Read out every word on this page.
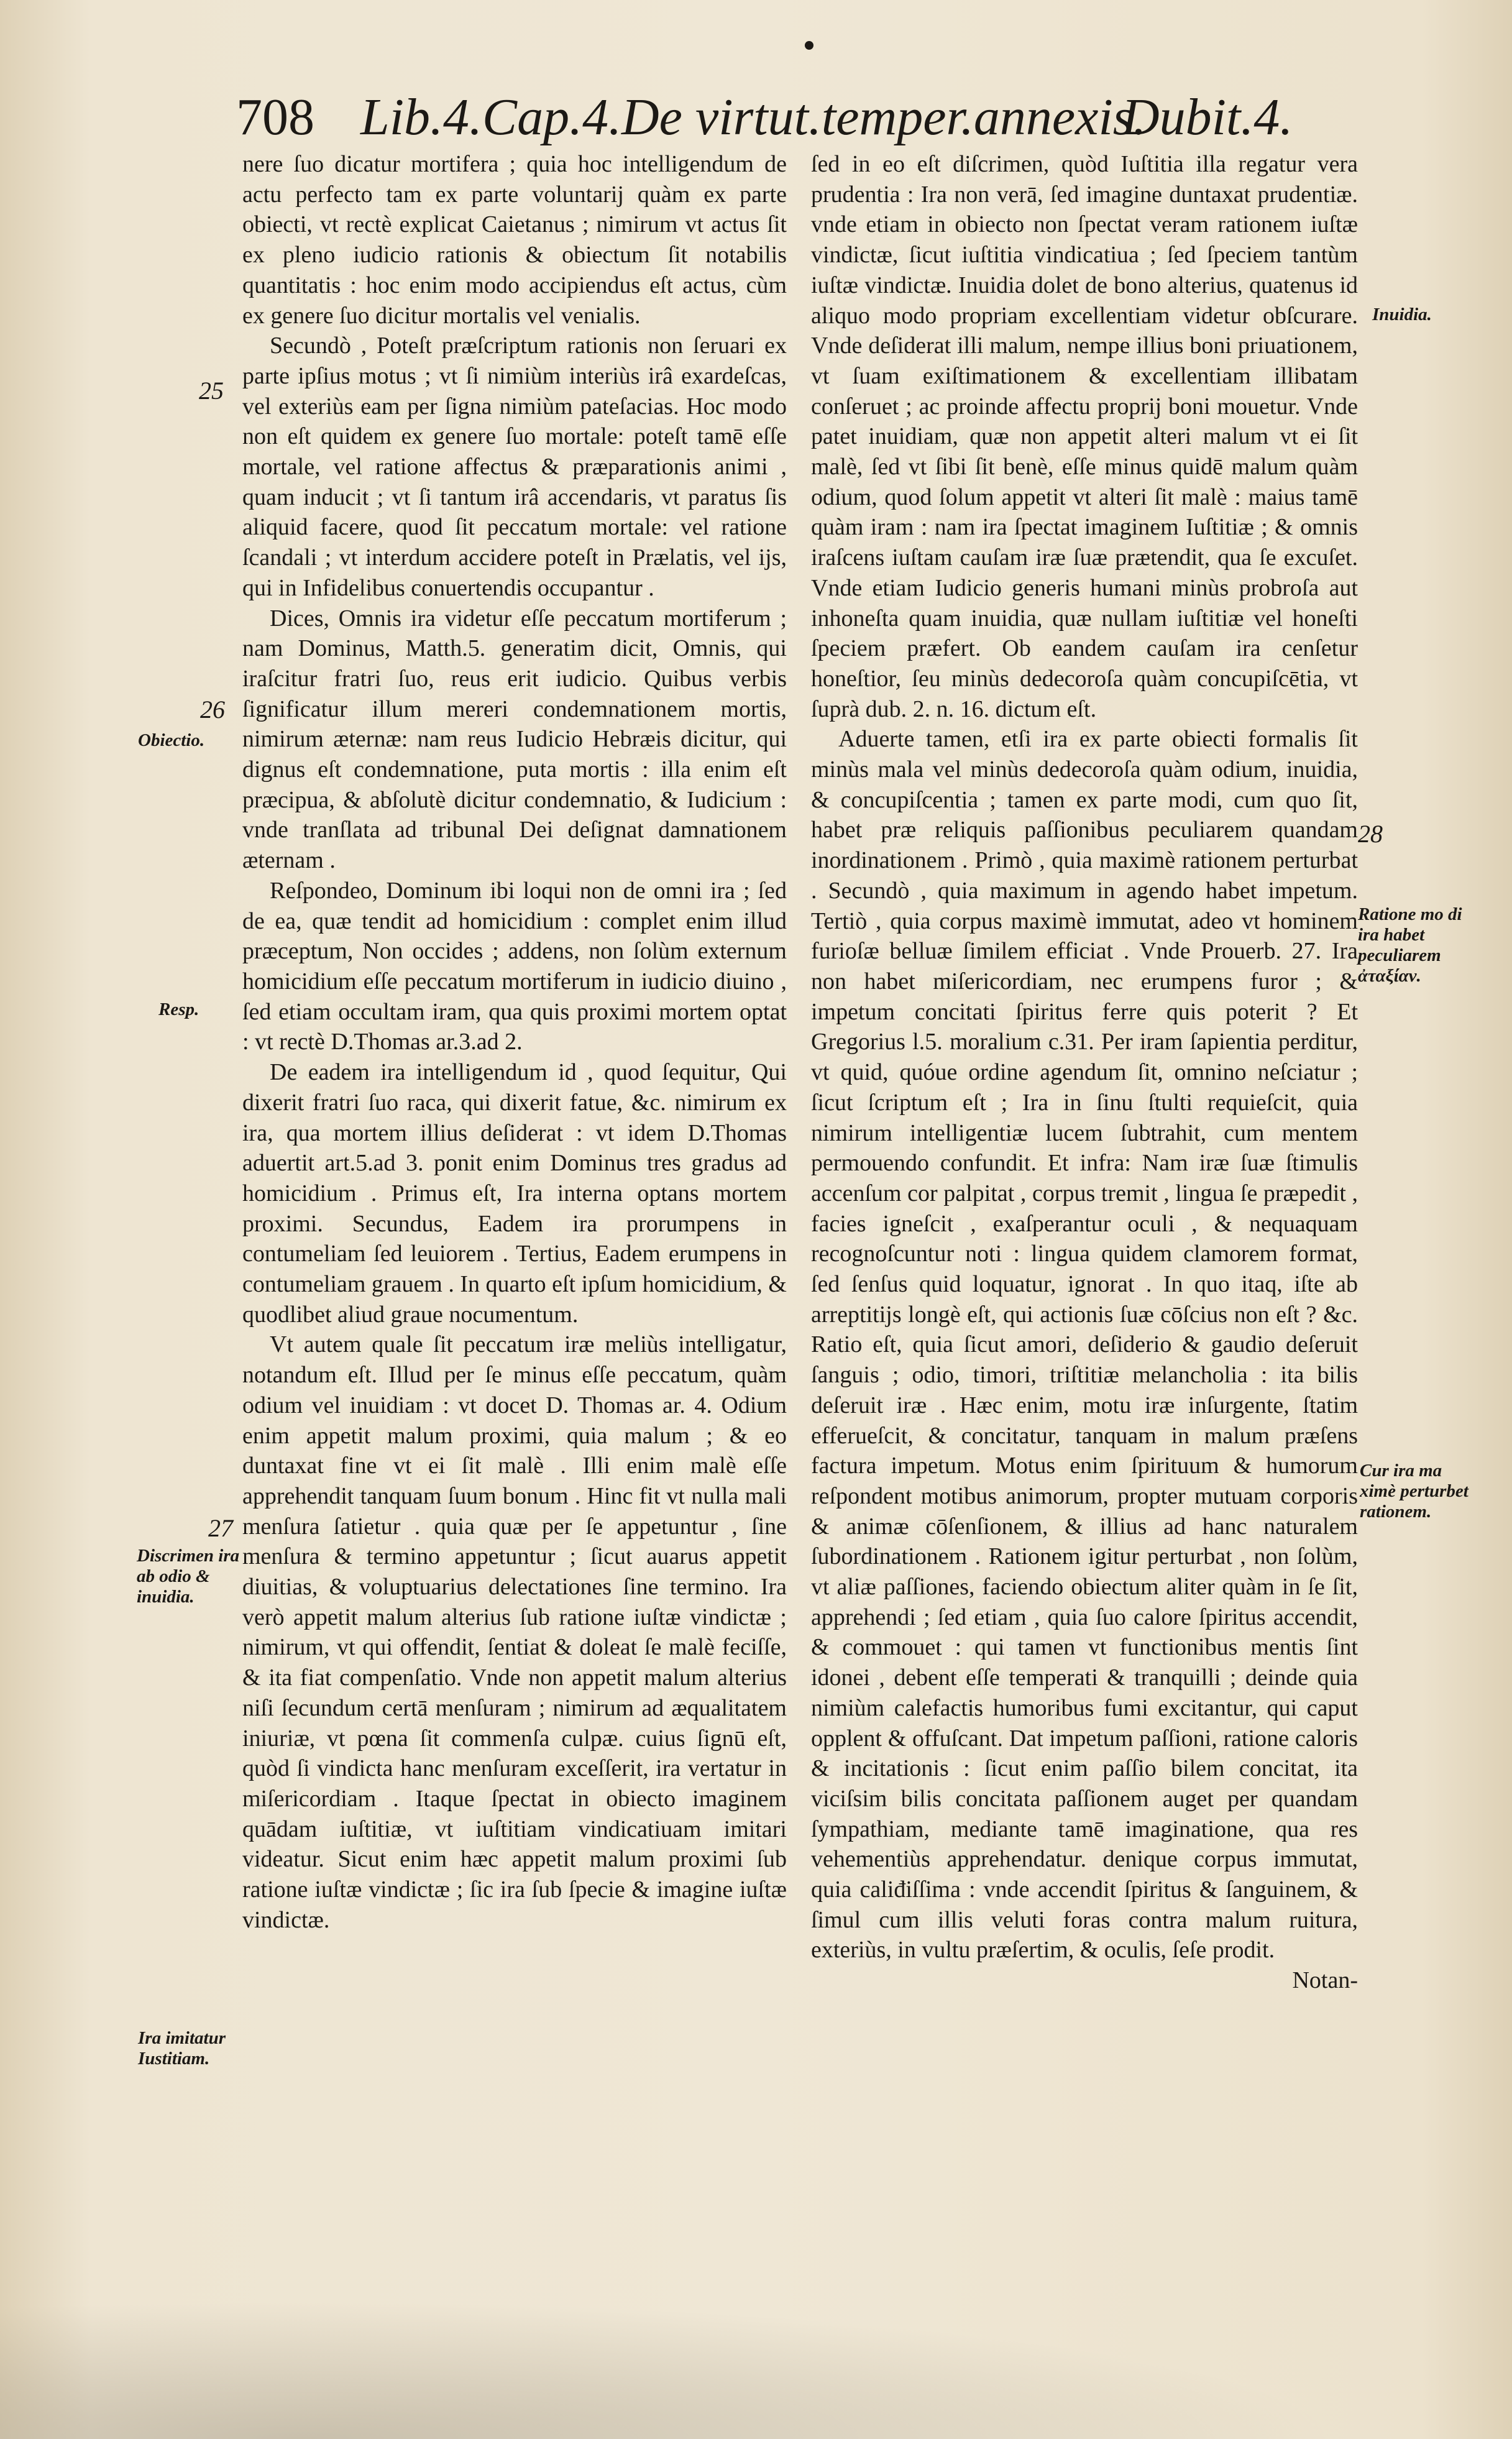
708 Lib.4.Cap.4. De virtut.temper.annexis.
Dubit.4.

nere ſuo dicatur mortifera ; quia hoc intelligendum de actu perfecto tam ex parte voluntarij quàm ex parte obiecti, vt rectè explicat Caietanus ; nimirum vt actus ſit ex pleno iudicio rationis & obiectum ſit notabilis quantitatis : hoc enim modo accipiendus eſt actus, cùm ex genere ſuo dicitur mortalis vel venialis.

Secundò , Poteſt præſcriptum rationis non ſeruari ex parte ipſius motus ; vt ſi nimiùm interiùs irâ exardeſcas, vel exteriùs eam per ſigna nimiùm pateſacias. Hoc modo non eſt quidem ex genere ſuo mortale: poteſt tamē eſſe mortale, vel ratione affectus & præparationis animi , quam inducit ; vt ſi tantum irâ accendaris, vt paratus ſis aliquid facere, quod ſit peccatum mortale: vel ratione ſcandali ; vt interdum accidere poteſt in Prælatis, vel ijs, qui in Infidelibus conuertendis occupantur .

Dices, Omnis ira videtur eſſe peccatum mortiferum ; nam Dominus, Matth.5. generatim dicit, Omnis, qui iraſcitur fratri ſuo, reus erit iudicio. Quibus verbis ſignificatur illum mereri condemnationem mortis, nimirum æternæ: nam reus Iudicio Hebræis dicitur, qui dignus eſt condemnatione, puta mortis : illa enim eſt præcipua, & abſolutè dicitur condemnatio, & Iudicium : vnde tranſlata ad tribunal Dei deſignat damnationem æternam .

Reſpondeo, Dominum ibi loqui non de omni ira ; ſed de ea, quæ tendit ad homicidium : complet enim illud præceptum, Non occides ; addens, non ſolùm externum homicidium eſſe peccatum mortiferum in iudicio diuino , ſed etiam occultam iram, qua quis proximi mortem optat : vt rectè D.Thomas ar.3.ad 2.

De eadem ira intelligendum id , quod ſequitur, Qui dixerit fratri ſuo raca, qui dixerit fatue, &c. nimirum ex ira, qua mortem illius deſiderat : vt idem D.Thomas aduertit art.5.ad 3. ponit enim Dominus tres gradus ad homicidium . Primus eſt, Ira interna optans mortem proximi. Secundus, Eadem ira prorumpens in contumeliam ſed leuiorem . Tertius, Eadem erumpens in contumeliam grauem . In quarto eſt ipſum homicidium, & quodlibet aliud graue nocumentum.

Vt autem quale ſit peccatum iræ meliùs intelligatur, notandum eſt. Illud per ſe minus eſſe peccatum, quàm odium vel inuidiam : vt docet D. Thomas ar. 4. Odium enim appetit malum proximi, quia malum ; & eo duntaxat fine vt ei ſit malè . Illi enim malè eſſe apprehendit tanquam ſuum bonum . Hinc fit vt nulla mali menſura ſatietur . quia quæ per ſe appetuntur , ſine menſura & termino appetuntur ; ſicut auarus appetit diuitias, & voluptuarius delectationes ſine termino. Ira verò appetit malum alterius ſub ratione iuſtæ vindictæ ; nimirum, vt qui offendit, ſentiat & doleat ſe malè feciſſe, & ita fiat compenſatio. Vnde non appetit malum alterius niſi ſecundum certā menſuram ; nimirum ad æqualitatem iniuriæ, vt pœna ſit commenſa culpæ. cuius ſignū eſt, quòd ſi vindicta hanc menſuram exceſſerit, ira vertatur in miſericordiam . Itaque ſpectat in obiecto imaginem quādam iuſtitiæ, vt iuſtitiam vindicatiuam imitari videatur. Sicut enim hæc appetit malum proximi ſub ratione iuſtæ vindictæ ; ſic ira ſub ſpecie & imagine iuſtæ vindictæ.

ſed in eo eſt diſcrimen, quòd Iuſtitia illa regatur vera prudentia : Ira non verā, ſed imagine duntaxat prudentiæ. vnde etiam in obiecto non ſpectat veram rationem iuſtæ vindictæ, ſicut iuſtitia vindicatiua ; ſed ſpeciem tantùm iuſtæ vindictæ. Inuidia dolet de bono alterius, quatenus id aliquo modo propriam excellentiam videtur obſcurare. Vnde deſiderat illi malum, nempe illius boni priuationem, vt ſuam exiſtimationem & excellentiam illibatam conſeruet ; ac proinde affectu proprij boni mouetur. Vnde patet inuidiam, quæ non appetit alteri malum vt ei ſit malè, ſed vt ſibi ſit benè, eſſe minus quidē malum quàm odium, quod ſolum appetit vt alteri ſit malè : maius tamē quàm iram : nam ira ſpectat imaginem Iuſtitiæ ; & omnis iraſcens iuſtam cauſam iræ ſuæ prætendit, qua ſe excuſet. Vnde etiam Iudicio generis humani minùs probroſa aut inhoneſta quam inuidia, quæ nullam iuſtitiæ vel honeſti ſpeciem præfert. Ob eandem cauſam ira cenſetur honeſtior, ſeu minùs dedecoroſa quàm concupiſcētia, vt ſuprà dub. 2. n. 16. dictum eſt.

Aduerte tamen, etſi ira ex parte obiecti formalis ſit minùs mala vel minùs dedecoroſa quàm odium, inuidia, & concupiſcentia ; tamen ex parte modi, cum quo ſit, habet præ reliquis paſſionibus peculiarem quandam inordinationem . Primò , quia maximè rationem perturbat . Secundò , quia maximum in agendo habet impetum. Tertiò , quia corpus maximè immutat, adeo vt hominem furioſæ belluæ ſimilem efficiat . Vnde Prouerb. 27. Ira non habet miſericordiam, nec erumpens furor ; & impetum concitati ſpiritus ferre quis poterit ? Et Gregorius l.5. moralium c.31. Per iram ſapientia perditur, vt quid, quóue ordine agendum ſit, omnino neſciatur ; ſicut ſcriptum eſt ; Ira in ſinu ſtulti requieſcit, quia nimirum intelligentiæ lucem ſubtrahit, cum mentem permouendo confundit. Et infra: Nam iræ ſuæ ſtimulis accenſum cor palpitat , corpus tremit , lingua ſe præpedit , facies igneſcit , exaſperantur oculi , & nequaquam recognoſcuntur noti : lingua quidem clamorem format, ſed ſenſus quid loquatur, ignorat . In quo itaq, iſte ab arreptitijs longè eſt, qui actionis ſuæ cōſcius non eſt ? &c. Ratio eſt, quia ſicut amori, deſiderio & gaudio deſeruit ſanguis ; odio, timori, triſtitiæ melancholia : ita bilis deſeruit iræ . Hæc enim, motu iræ inſurgente, ſtatim efferueſcit, & concitatur, tanquam in malum præſens factura impetum. Motus enim ſpirituum & humorum reſpondent motibus animorum, propter mutuam corporis & animæ cōſenſionem, & illius ad hanc naturalem ſubordinationem . Rationem igitur perturbat , non ſolùm, vt aliæ paſſiones, faciendo obiectum aliter quàm in ſe ſit, apprehendi ; ſed etiam , quia ſuo calore ſpiritus accendit, & commouet : qui tamen vt functionibus mentis ſint idonei , debent eſſe temperati & tranquilli ; deinde quia nimiùm calefactis humoribus fumi excitantur, qui caput opplent & offuſcant. Dat impetum paſſioni, ratione caloris & incitationis : ſicut enim paſſio bilem concitat, ita viciſsim bilis concitata paſſionem auget per quandam ſympathiam, mediante tamē imaginatione, qua res vehementiùs apprehendatur. denique corpus immutat, quia caliđiſſima : vnde accendit ſpiritus & ſanguinem, & ſimul cum illis veluti foras contra malum ruitura, exteriùs, in vultu præſertim, & oculis, ſeſe prodit.

Notan-

25
26
27
28
Obiectio.
Resp.
Discrimen ira ab odio & inuidia.
Ira imitatur Iustitiam.
Inuidia.
Ratione mo di ira habet peculiarem ἀταξίαν.
Cur ira ma ximè perturbet rationem.
